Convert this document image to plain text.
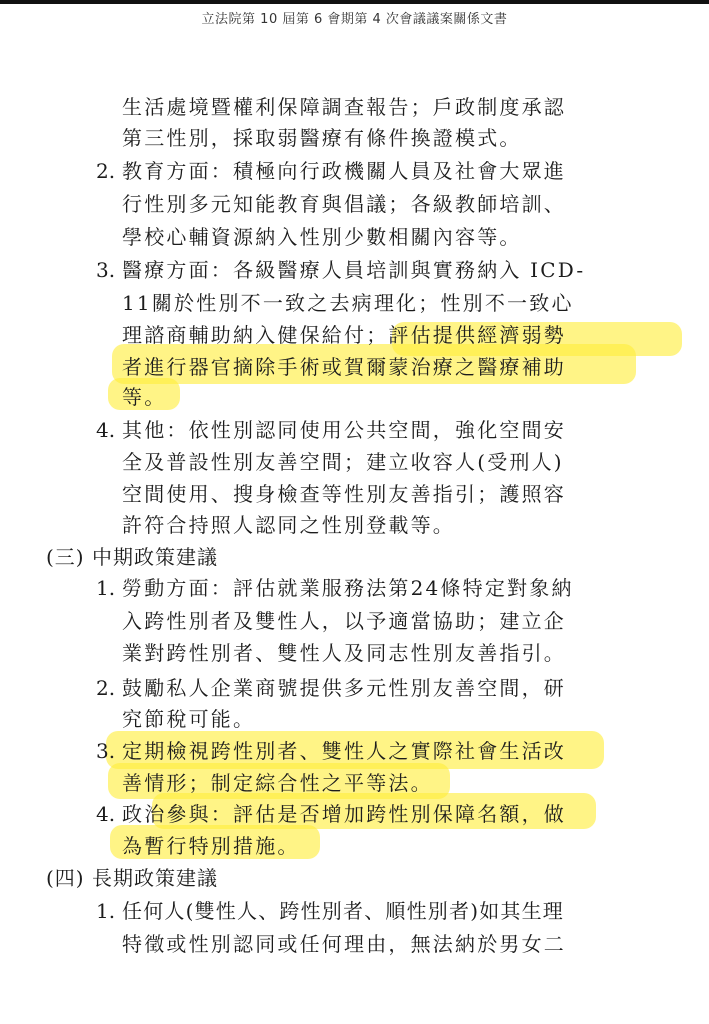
立法院第 10 屆第 6 會期第 4 次會議議案關係文書
生活處境暨權利保障調查報告；戶政制度承認
第三性別，採取弱醫療有條件換證模式。
2. 教育方面：積極向行政機關人員及社會大眾進
行性別多元知能教育與倡議；各級教師培訓、
學校心輔資源納入性別少數相關內容等。
3. 醫療方面：各級醫療人員培訓與實務納入 ICD-
11關於性別不一致之去病理化；性別不一致心
理諮商輔助納入健保給付；評估提供經濟弱勢
者進行器官摘除手術或賀爾蒙治療之醫療補助
等。
4. 其他：依性別認同使用公共空間，強化空間安
全及普設性別友善空間；建立收容人(受刑人)
空間使用、搜身檢查等性別友善指引；護照容
許符合持照人認同之性別登載等。
(三) 中期政策建議
1. 勞動方面：評估就業服務法第24條特定對象納
入跨性別者及雙性人，以予適當協助；建立企
業對跨性別者、雙性人及同志性別友善指引。
2. 鼓勵私人企業商號提供多元性別友善空間，研
究節稅可能。
3. 定期檢視跨性別者、雙性人之實際社會生活改
善情形；制定綜合性之平等法。
4. 政治參與：評估是否增加跨性別保障名額，做
為暫行特別措施。
(四) 長期政策建議
1. 任何人(雙性人、跨性別者、順性別者)如其生理
特徵或性別認同或任何理由，無法納於男女二
